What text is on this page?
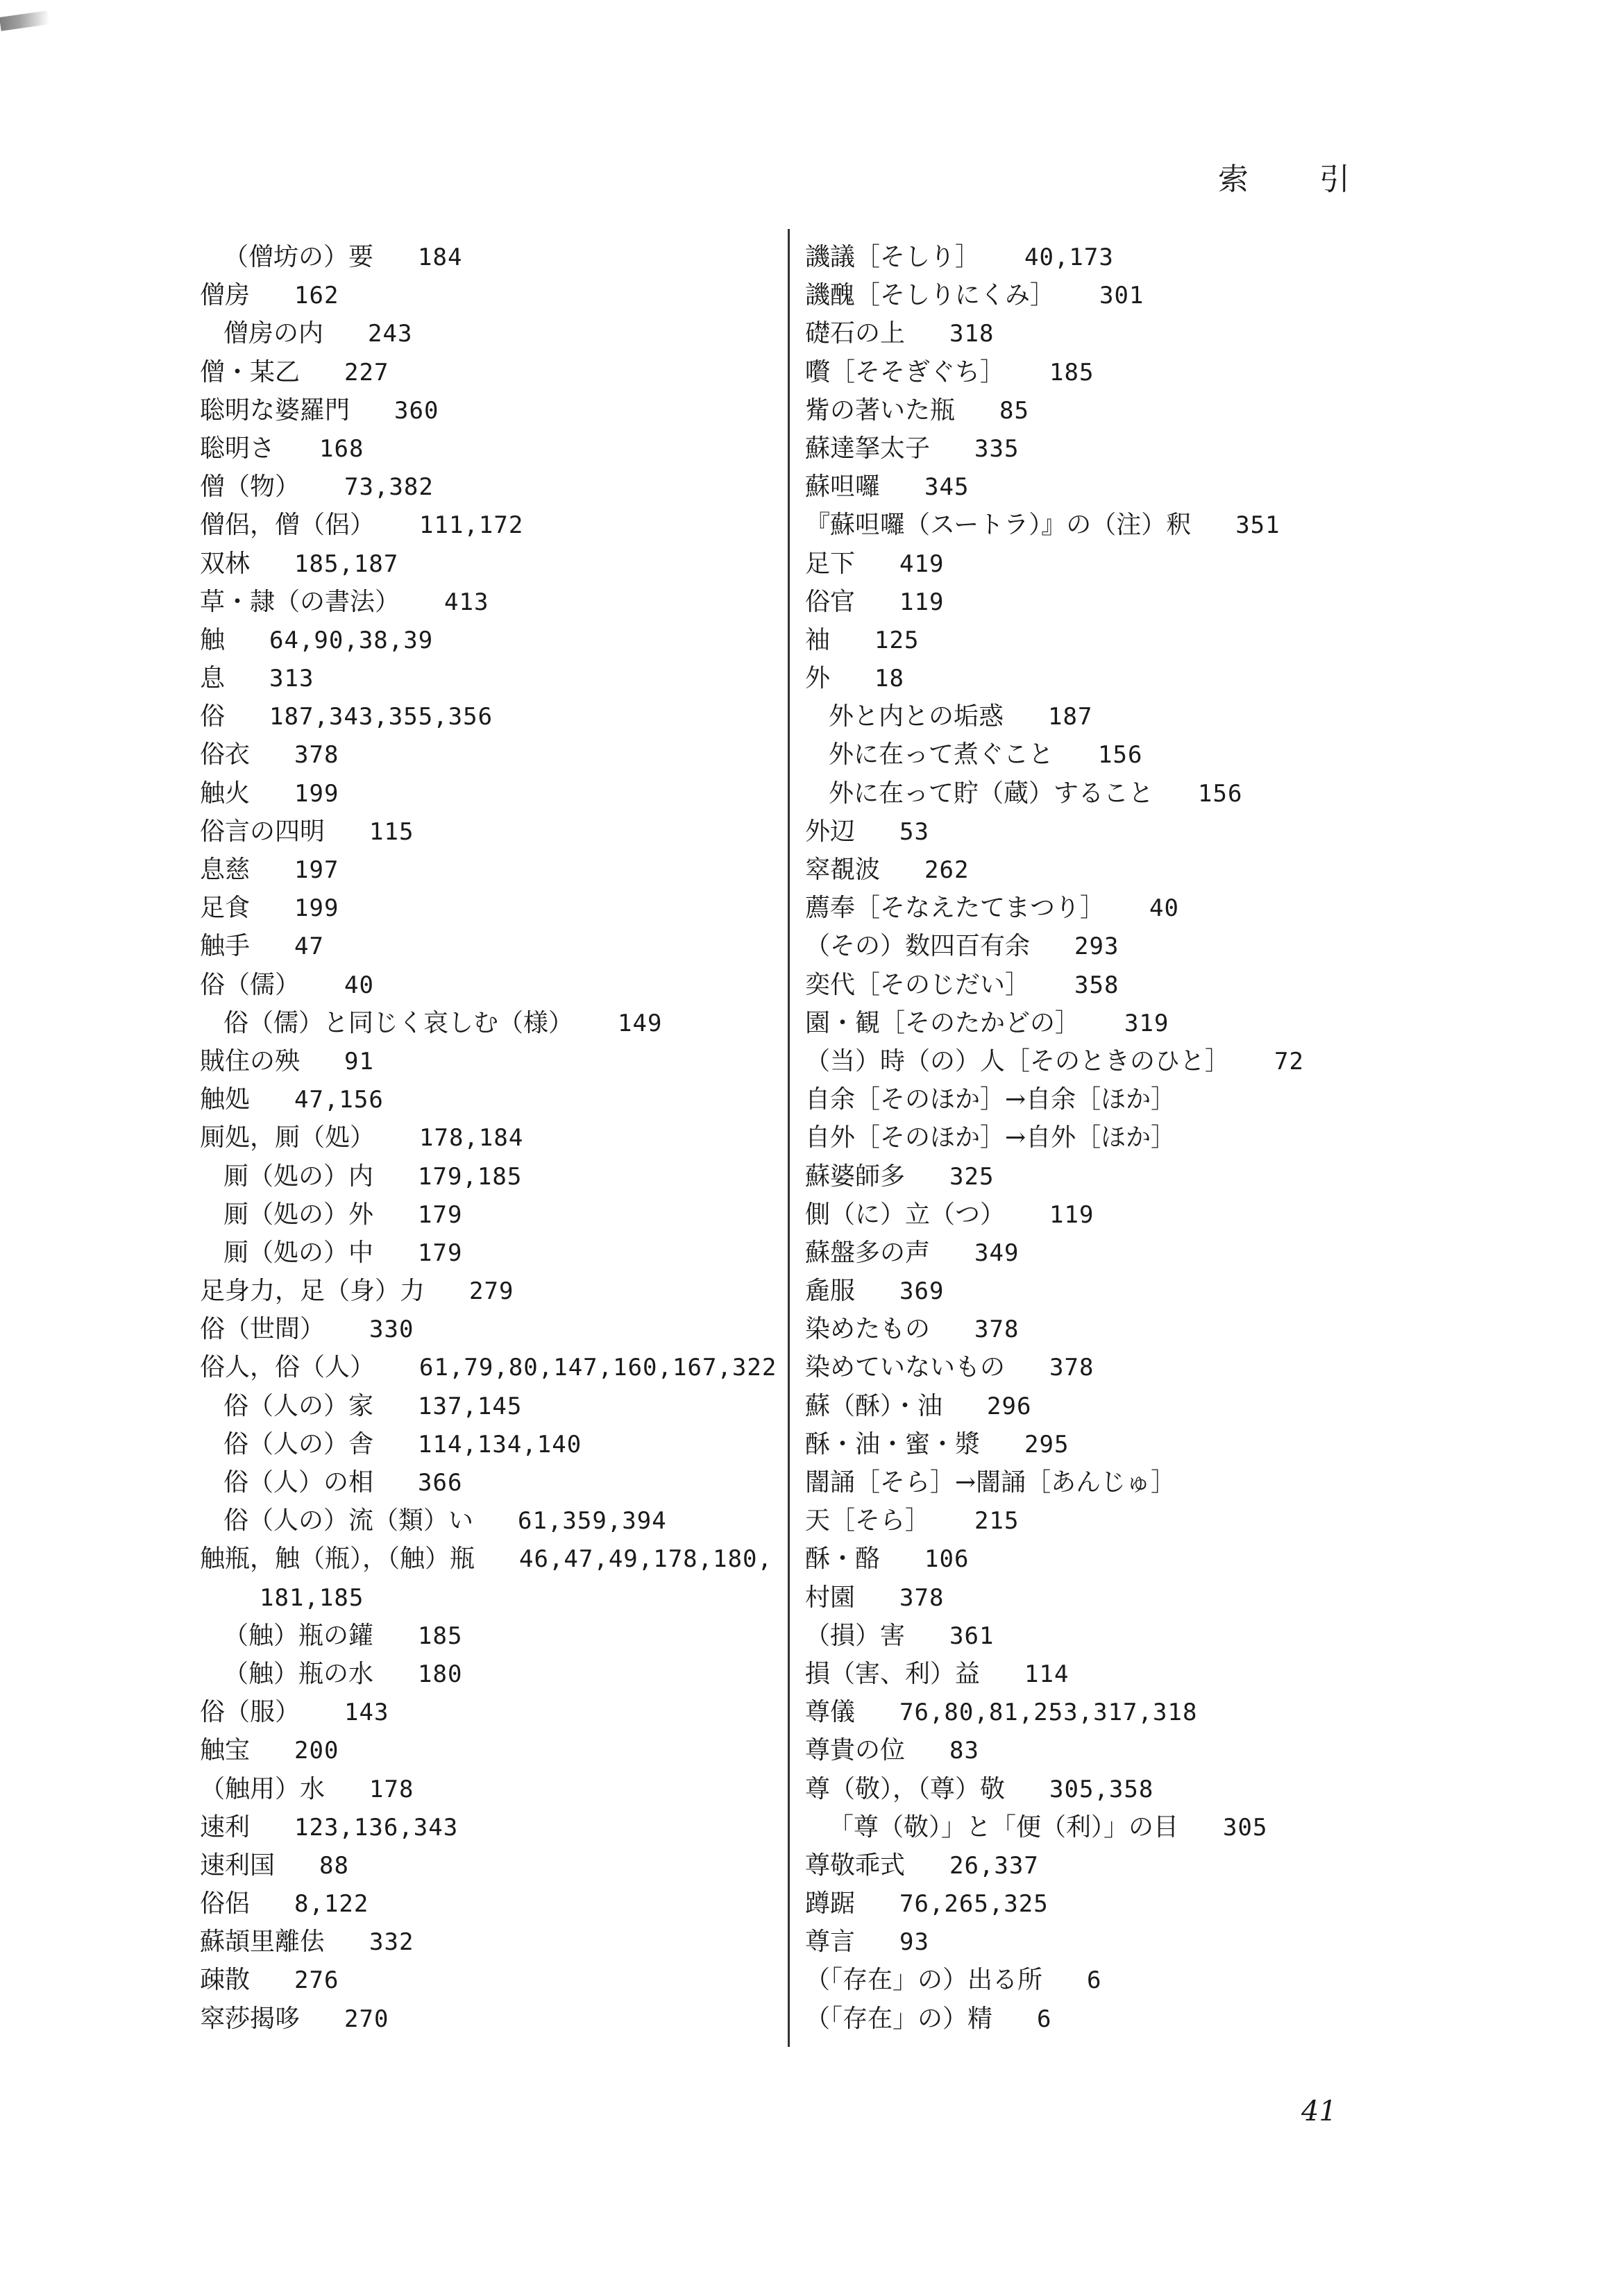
索 引
（僧坊の）要 184
僧房 162
僧房の内 243
僧・某乙 227
聡明な婆羅門 360
聡明さ 168
僧（物） 73,382
僧侶，僧（侶） 111,172
双林 185,187
草・隷（の書法） 413
触 64,90,38,39
息 313
俗 187,343,355,356
俗衣 378
触火 199
俗言の四明 115
息慈 197
足食 199
触手 47
俗（儒） 40
俗（儒）と同じく哀しむ（様） 149
賊住の殃 91
触処 47,156
厠処，厠（処） 178,184
厠（処の）内 179,185
厠（処の）外 179
厠（処の）中 179
足身力，足（身）力 279
俗（世間） 330
俗人，俗（人） 61,79,80,147,160,167,322
俗（人の）家 137,145
俗（人の）舎 114,134,140
俗（人）の相 366
俗（人の）流（類）い 61,359,394
触瓶，触（瓶），（触）瓶 46,47,49,178,180,
181,185
（触）瓶の鑵 185
（触）瓶の水 180
俗（服） 143
触宝 200
（触用）水 178
速利 123,136,343
速利国 88
俗侶 8,122
蘇頡里離佉 332
疎散 276
窣莎揭哆 270
譏議［そしり］ 40,173
譏醜［そしりにくみ］ 301
礎石の上 318
嚽［そそぎぐち］ 185
觜の著いた瓶 85
蘇達拏太子 335
蘇呾囉 345
『蘇呾囉（スートラ）』の（注）釈 351
足下 419
俗官 119
袖 125
外 18
外と内との垢惑 187
外に在って煮ぐこと 156
外に在って貯（蔵）すること 156
外辺 53
窣覩波 262
薦奉［そなえたてまつり］ 40
（その）数四百有余 293
奕代［そのじだい］ 358
園・観［そのたかどの］ 319
（当）時（の）人［そのときのひと］ 72
自余［そのほか］→自余［ほか］
自外［そのほか］→自外［ほか］
蘇婆師多 325
側（に）立（つ） 119
蘇盤多の声 349
麁服 369
染めたもの 378
染めていないもの 378
蘇（酥）・油 296
酥・油・蜜・漿 295
闇誦［そら］→闇誦［あんじゅ］
天［そら］ 215
酥・酪 106
村園 378
（損）害 361
損（害、利）益 114
尊儀 76,80,81,253,317,318
尊貴の位 83
尊（敬），（尊）敬 305,358
「尊（敬）」と「便（利）」の目 305
尊敬乖式 26,337
蹲踞 76,265,325
尊言 93
（「存在」の）出る所 6
（「存在」の）精 6
41
